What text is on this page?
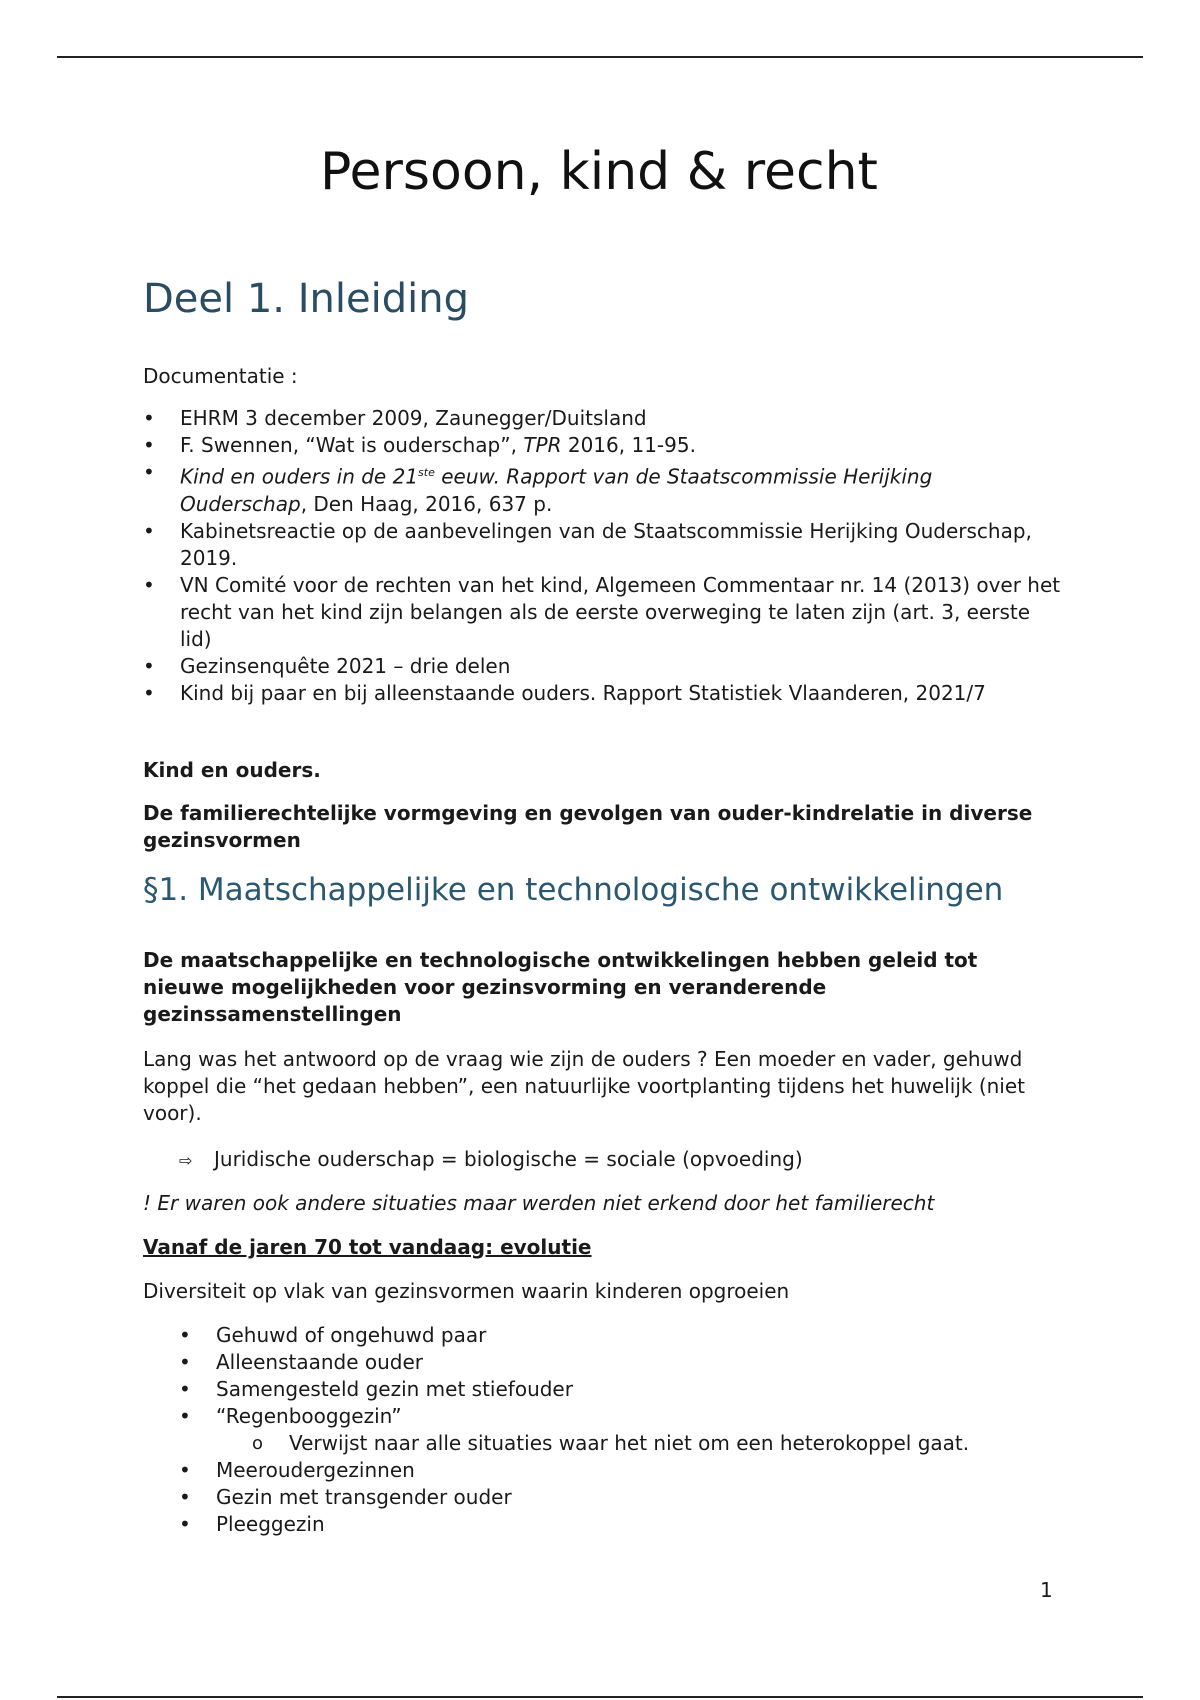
Persoon, kind & recht
Deel 1. Inleiding

Documentatie :

• EHRM 3 december 2009, Zaunegger/Duitsland
• F. Swennen, “Wat is ouderschap”, TPR 2016, 11-95.
• Kind en ouders in de 21ste eeuw. Rapport van de Staatscommissie Herijking Ouderschap, Den Haag, 2016, 637 p.
• Kabinetsreactie op de aanbevelingen van de Staatscommissie Herijking Ouderschap, 2019.
• VN Comité voor de rechten van het kind, Algemeen Commentaar nr. 14 (2013) over het recht van het kind zijn belangen als de eerste overweging te laten zijn (art. 3, eerste lid)
• Gezinsenquête 2021 – drie delen
• Kind bij paar en bij alleenstaande ouders. Rapport Statistiek Vlaanderen, 2021/7

Kind en ouders.

De familierechtelijke vormgeving en gevolgen van ouder-kindrelatie in diverse gezinsvormen

§1. Maatschappelijke en technologische ontwikkelingen

De maatschappelijke en technologische ontwikkelingen hebben geleid tot nieuwe mogelijkheden voor gezinsvorming en veranderende gezinssamenstellingen

Lang was het antwoord op de vraag wie zijn de ouders ? Een moeder en vader, gehuwd koppel die “het gedaan hebben”, een natuurlijke voortplanting tijdens het huwelijk (niet voor).

⇨ Juridische ouderschap = biologische = sociale (opvoeding)

! Er waren ook andere situaties maar werden niet erkend door het familierecht

Vanaf de jaren 70 tot vandaag: evolutie

Diversiteit op vlak van gezinsvormen waarin kinderen opgroeien

• Gehuwd of ongehuwd paar
• Alleenstaande ouder
• Samengesteld gezin met stiefouder
• “Regenbooggezin”
o Verwijst naar alle situaties waar het niet om een heterokoppel gaat.
• Meeroudergezinnen
• Gezin met transgender ouder
• Pleeggezin
1
